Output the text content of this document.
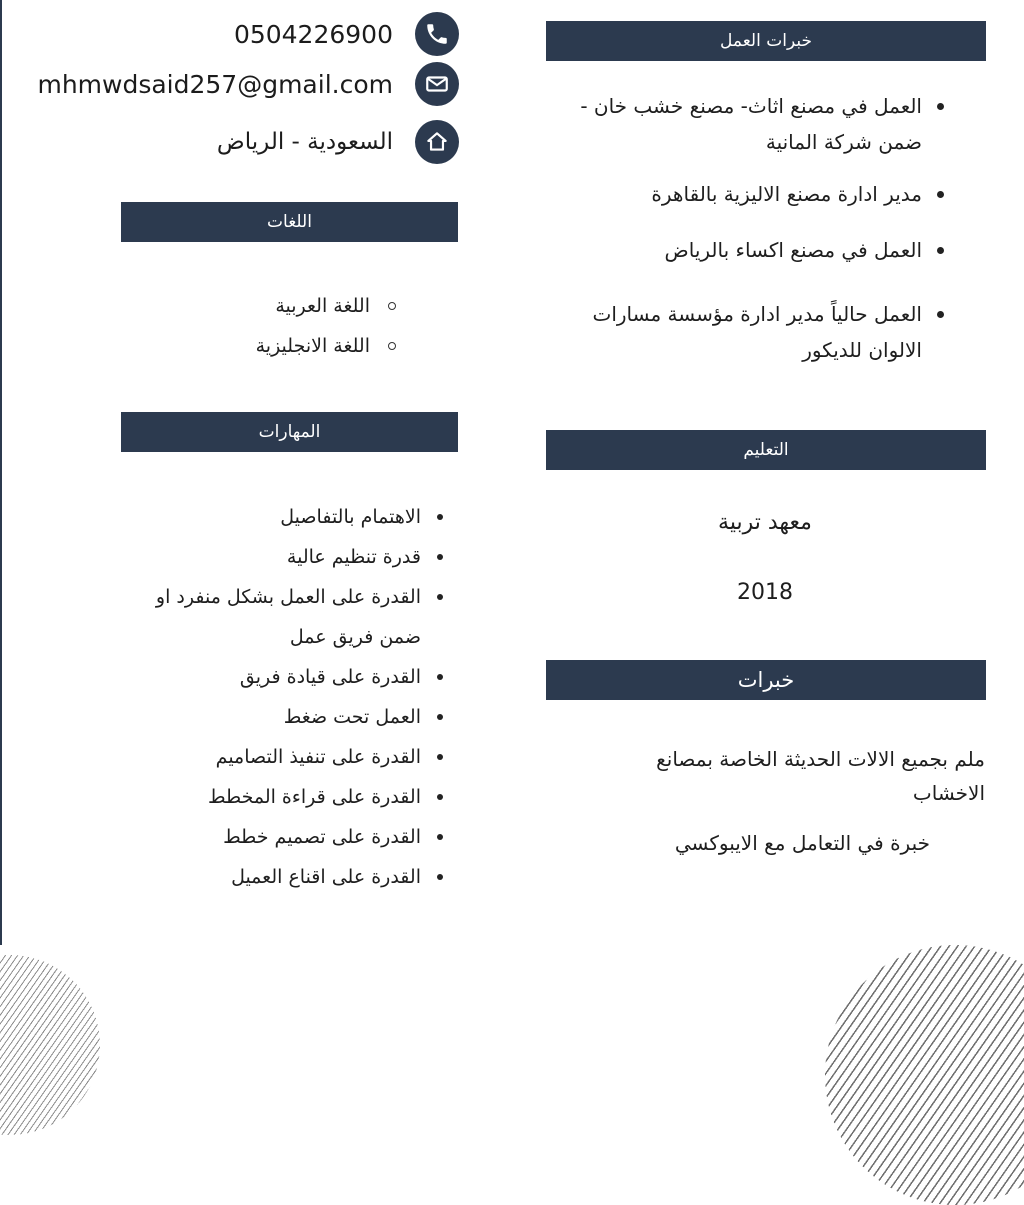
0504226900
mhmwdsaid257@gmail.com
السعودية - الرياض
اللغات
اللغة العربية
اللغة الانجليزية
المهارات
الاهتمام بالتفاصيل
قدرة تنظيم عالية
القدرة على العمل بشكل منفرد او ضمن فريق عمل
القدرة على قيادة فريق
العمل تحت ضغط
القدرة على تنفيذ التصاميم
القدرة على قراءة المخطط
القدرة على تصميم خطط
القدرة على اقناع العميل
خبرات العمل
العمل في مصنع اثاث- مصنع خشب خان - ضمن شركة المانية
مدير ادارة مصنع الاليزية بالقاهرة
العمل في مصنع اكساء بالرياض
العمل حالياً مدير ادارة مؤسسة مسارات الالوان للديكور
التعليم
معهد تربية
2018
خبرات
ملم بجميع الالات الحديثة الخاصة بمصانع الاخشاب
خبرة في التعامل مع الايبوكسي
